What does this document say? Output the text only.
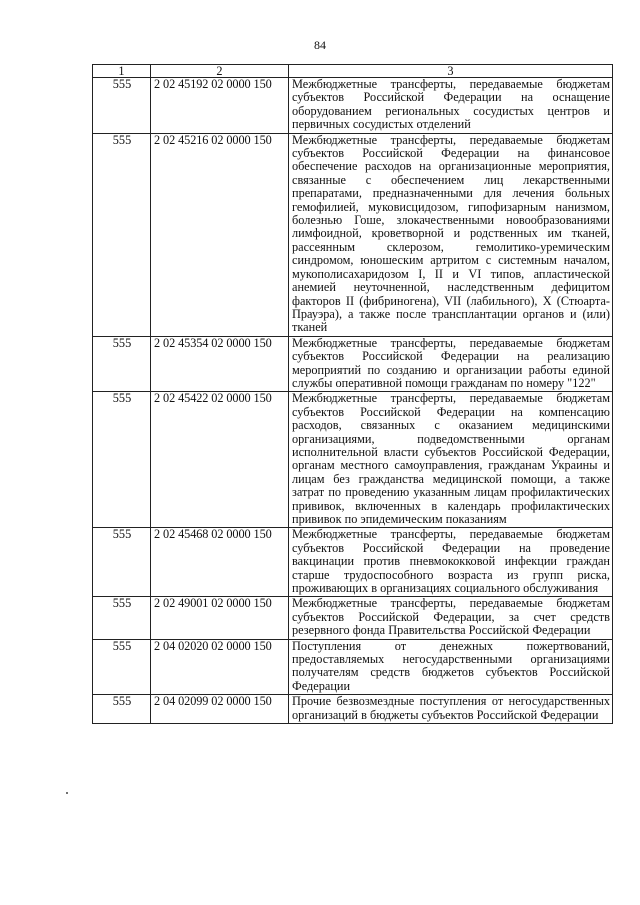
84
1	2	3
555	2 02 45192 02 0000 150	Межбюджетные трансферты, передаваемые бюджетам субъектов Российской Федерации на оснащение оборудованием региональных сосудистых центров и первичных сосудистых отделений
555	2 02 45216 02 0000 150	Межбюджетные трансферты, передаваемые бюджетам субъектов Российской Федерации на финансовое обеспечение расходов на организационные мероприятия, связанные с обеспечением лиц лекарственными препаратами, предназначенными для лечения больных гемофилией, муковисцидозом, гипофизарным нанизмом, болезнью Гоше, злокачественными новообразованиями лимфоидной, кроветворной и родственных им тканей, рассеянным склерозом, гемолитико-уремическим синдромом, юношеским артритом с системным началом, мукополисахаридозом I, II и VI типов, апластической анемией неуточненной, наследственным дефицитом факторов II (фибриногена), VII (лабильного), X (Стюарта-Прауэра), а также после трансплантации органов и (или) тканей
555	2 02 45354 02 0000 150	Межбюджетные трансферты, передаваемые бюджетам субъектов Российской Федерации на реализацию мероприятий по созданию и организации работы единой службы оперативной помощи гражданам по номеру "122"
555	2 02 45422 02 0000 150	Межбюджетные трансферты, передаваемые бюджетам субъектов Российской Федерации на компенсацию расходов, связанных с оказанием медицинскими организациями, подведомственными органам исполнительной власти субъектов Российской Федерации, органам местного самоуправления, гражданам Украины и лицам без гражданства медицинской помощи, а также затрат по проведению указанным лицам профилактических прививок, включенных в календарь профилактических прививок по эпидемическим показаниям
555	2 02 45468 02 0000 150	Межбюджетные трансферты, передаваемые бюджетам субъектов Российской Федерации на проведение вакцинации против пневмококковой инфекции граждан старше трудоспособного возраста из групп риска, проживающих в организациях социального обслуживания
555	2 02 49001 02 0000 150	Межбюджетные трансферты, передаваемые бюджетам субъектов Российской Федерации, за счет средств резервного фонда Правительства Российской Федерации
555	2 04 02020 02 0000 150	Поступления от денежных пожертвований, предоставляемых негосударственными организациями получателям средств бюджетов субъектов Российской Федерации
555	2 04 02099 02 0000 150	Прочие безвозмездные поступления от негосударственных организаций в бюджеты субъектов Российской Федерации
